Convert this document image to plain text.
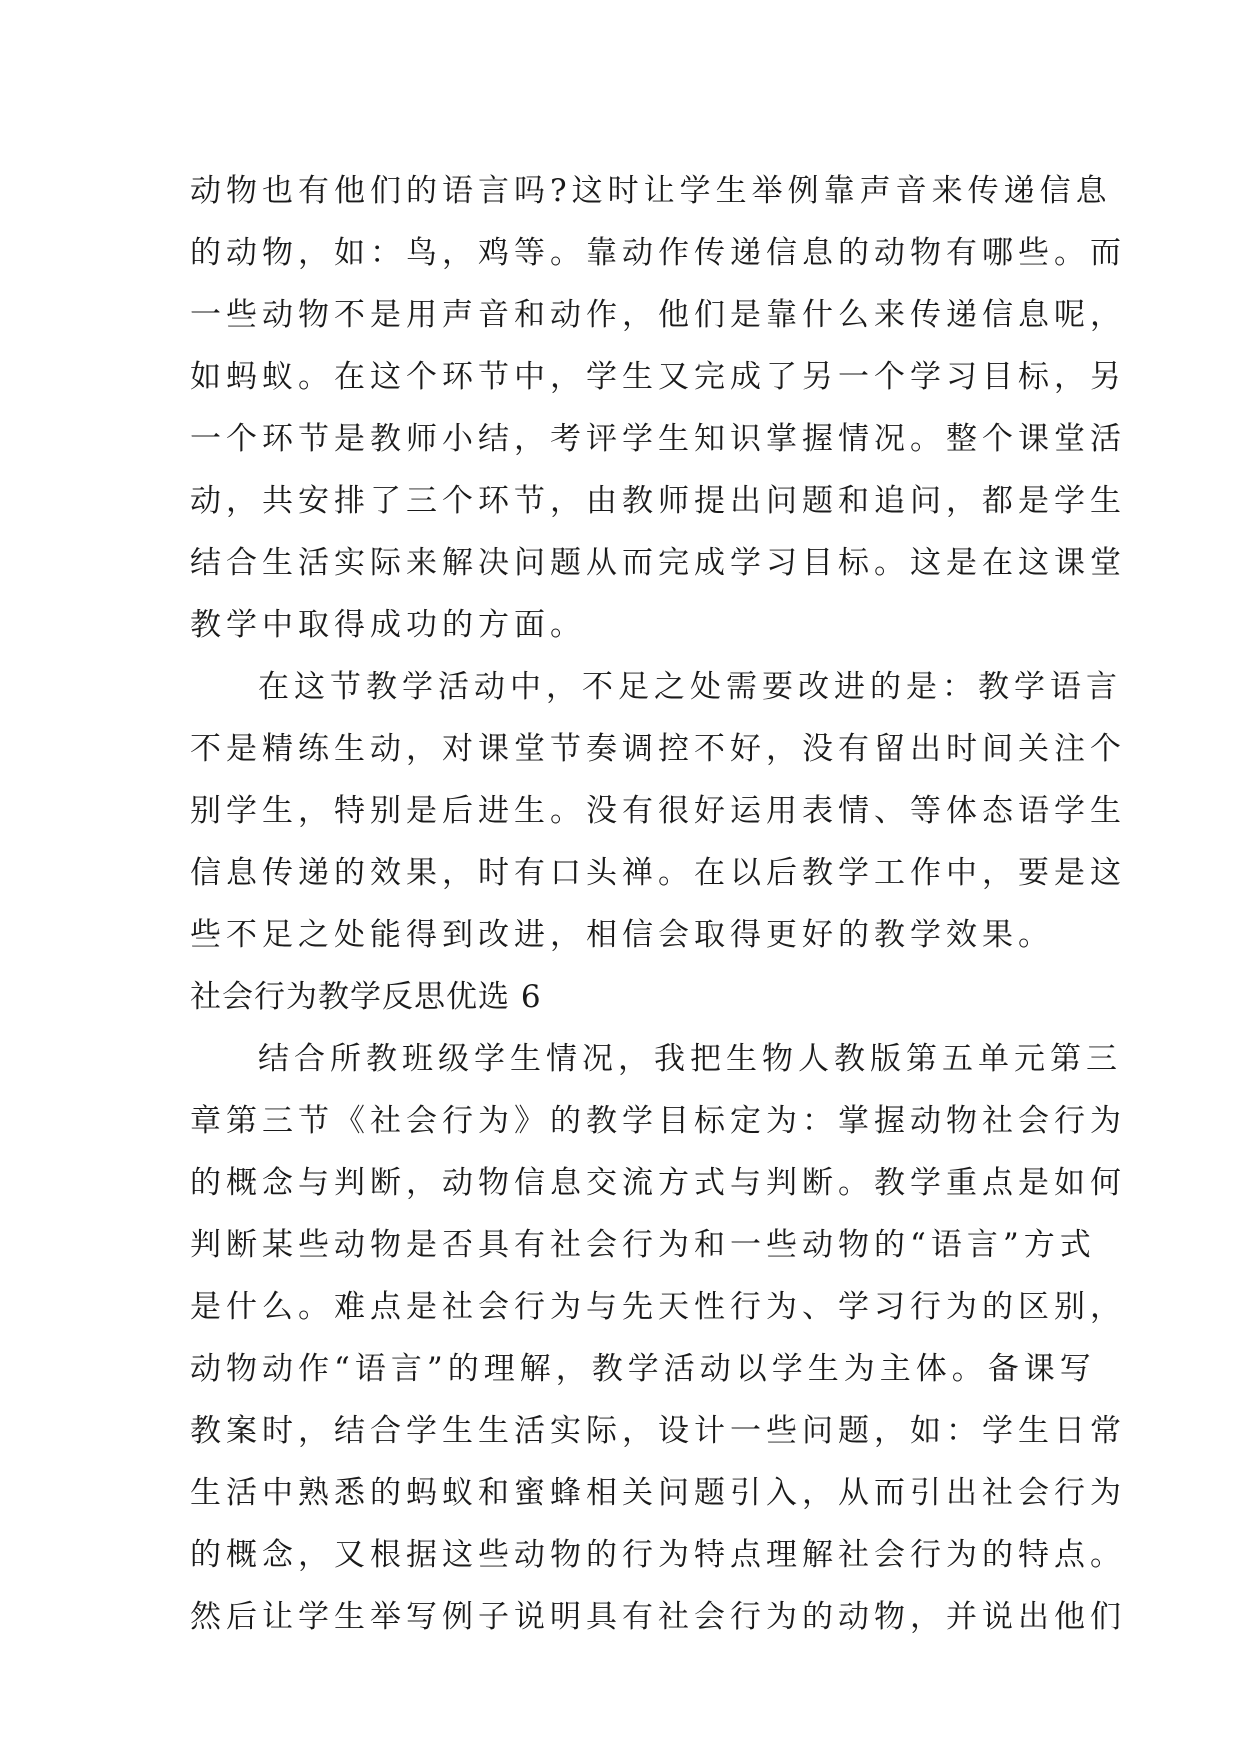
动物也有他们的语言吗?这时让学生举例靠声音来传递信息
的动物，如：鸟，鸡等。靠动作传递信息的动物有哪些。而
一些动物不是用声音和动作，他们是靠什么来传递信息呢，
如蚂蚁。在这个环节中，学生又完成了另一个学习目标，另
一个环节是教师小结，考评学生知识掌握情况。整个课堂活
动，共安排了三个环节，由教师提出问题和追问，都是学生
结合生活实际来解决问题从而完成学习目标。这是在这课堂
教学中取得成功的方面。
在这节教学活动中，不足之处需要改进的是：教学语言
不是精练生动，对课堂节奏调控不好，没有留出时间关注个
别学生，特别是后进生。没有很好运用表情、等体态语学生
信息传递的效果，时有口头禅。在以后教学工作中，要是这
些不足之处能得到改进，相信会取得更好的教学效果。
社会行为教学反思优选 6
结合所教班级学生情况，我把生物人教版第五单元第三
章第三节《社会行为》的教学目标定为：掌握动物社会行为
的概念与判断，动物信息交流方式与判断。教学重点是如何
判断某些动物是否具有社会行为和一些动物的“语言”方式
是什么。难点是社会行为与先天性行为、学习行为的区别，
动物动作“语言”的理解，教学活动以学生为主体。备课写
教案时，结合学生生活实际，设计一些问题，如：学生日常
生活中熟悉的蚂蚁和蜜蜂相关问题引入，从而引出社会行为
的概念，又根据这些动物的行为特点理解社会行为的特点。
然后让学生举写例子说明具有社会行为的动物，并说出他们
